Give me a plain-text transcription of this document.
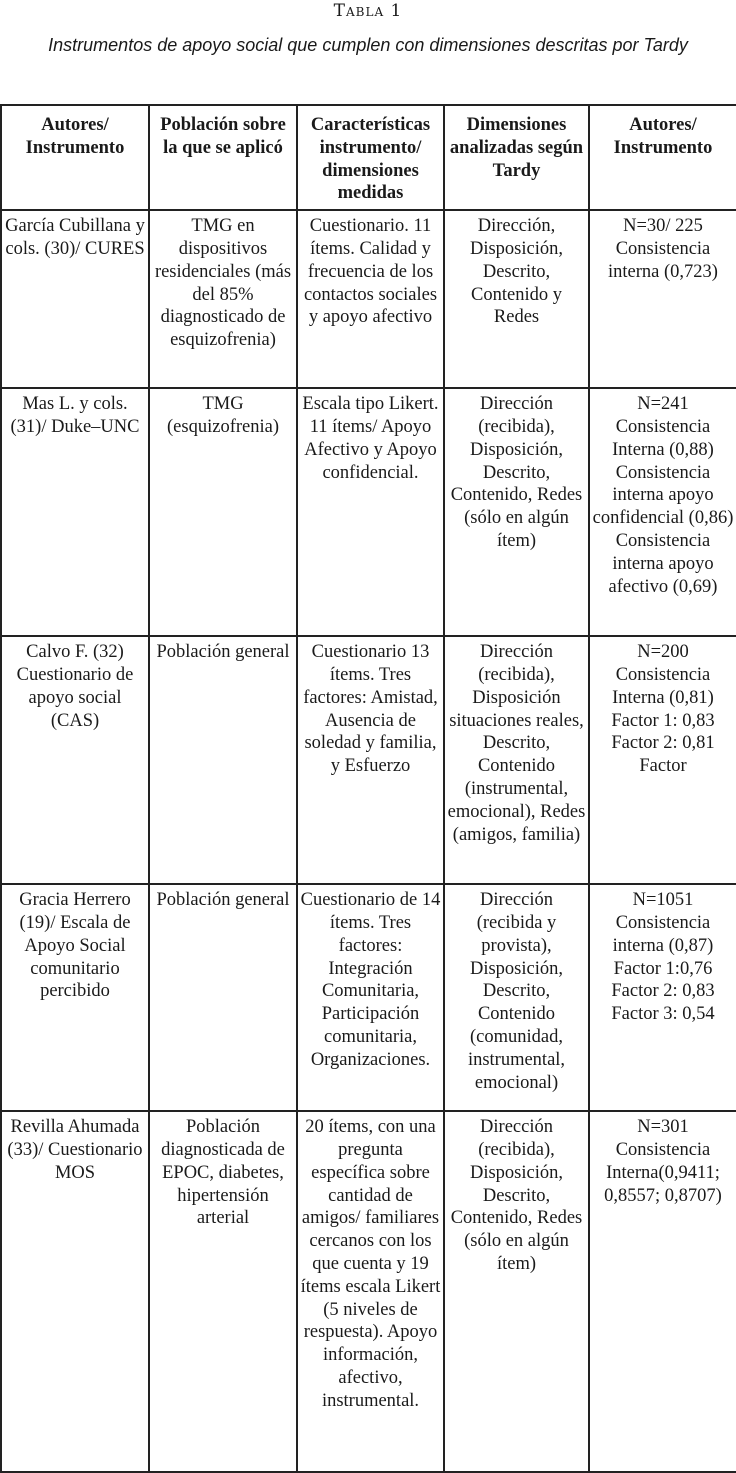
Tabla 1
Instrumentos de apoyo social que cumplen con dimensiones descritas por Tardy
Autores/ Instrumento	Población sobre la que se aplicó	Características instrumento/ dimensiones medidas	Dimensiones analizadas según Tardy	Autores/ Instrumento
García Cubillana y cols. (30)/ CURES	TMG en dispositivos residenciales (más del 85% diagnosticado de esquizofrenia)	Cuestionario. 11 ítems. Calidad y frecuencia de los contactos sociales y apoyo afectivo	Dirección, Disposición, Descrito, Contenido y Redes	N=30/ 225 Consistencia interna (0,723)
Mas L. y cols. (31)/ Duke–UNC	TMG (esquizofrenia)	Escala tipo Likert. 11 ítems/ Apoyo Afectivo y Apoyo confidencial.	Dirección (recibida), Disposición, Descrito, Contenido, Redes (sólo en algún ítem)	N=241 Consistencia Interna (0,88) Consistencia interna apoyo confidencial (0,86) Consistencia interna apoyo afectivo (0,69)
Calvo F. (32) Cuestionario de apoyo social (CAS)	Población general	Cuestionario 13 ítems. Tres factores: Amistad, Ausencia de soledad y familia, y Esfuerzo	Dirección (recibida), Disposición situaciones reales, Descrito, Contenido (instrumental, emocional), Redes (amigos, familia)	N=200 Consistencia Interna (0,81) Factor 1: 0,83 Factor 2: 0,81 Factor
Gracia Herrero (19)/ Escala de Apoyo Social comunitario percibido	Población general	Cuestionario de 14 ítems. Tres factores: Integración Comunitaria, Participación comunitaria, Organizaciones.	Dirección (recibida y provista), Disposición, Descrito, Contenido (comunidad, instrumental, emocional)	N=1051 Consistencia interna (0,87) Factor 1:0,76 Factor 2: 0,83 Factor 3: 0,54
Revilla Ahumada (33)/ Cuestionario MOS	Población diagnosticada de EPOC, diabetes, hipertensión arterial	20 ítems, con una pregunta específica sobre cantidad de amigos/ familiares cercanos con los que cuenta y 19 ítems escala Likert (5 niveles de respuesta). Apoyo información, afectivo, instrumental.	Dirección (recibida), Disposición, Descrito, Contenido, Redes (sólo en algún ítem)	N=301 Consistencia Interna(0,9411; 0,8557; 0,8707)
